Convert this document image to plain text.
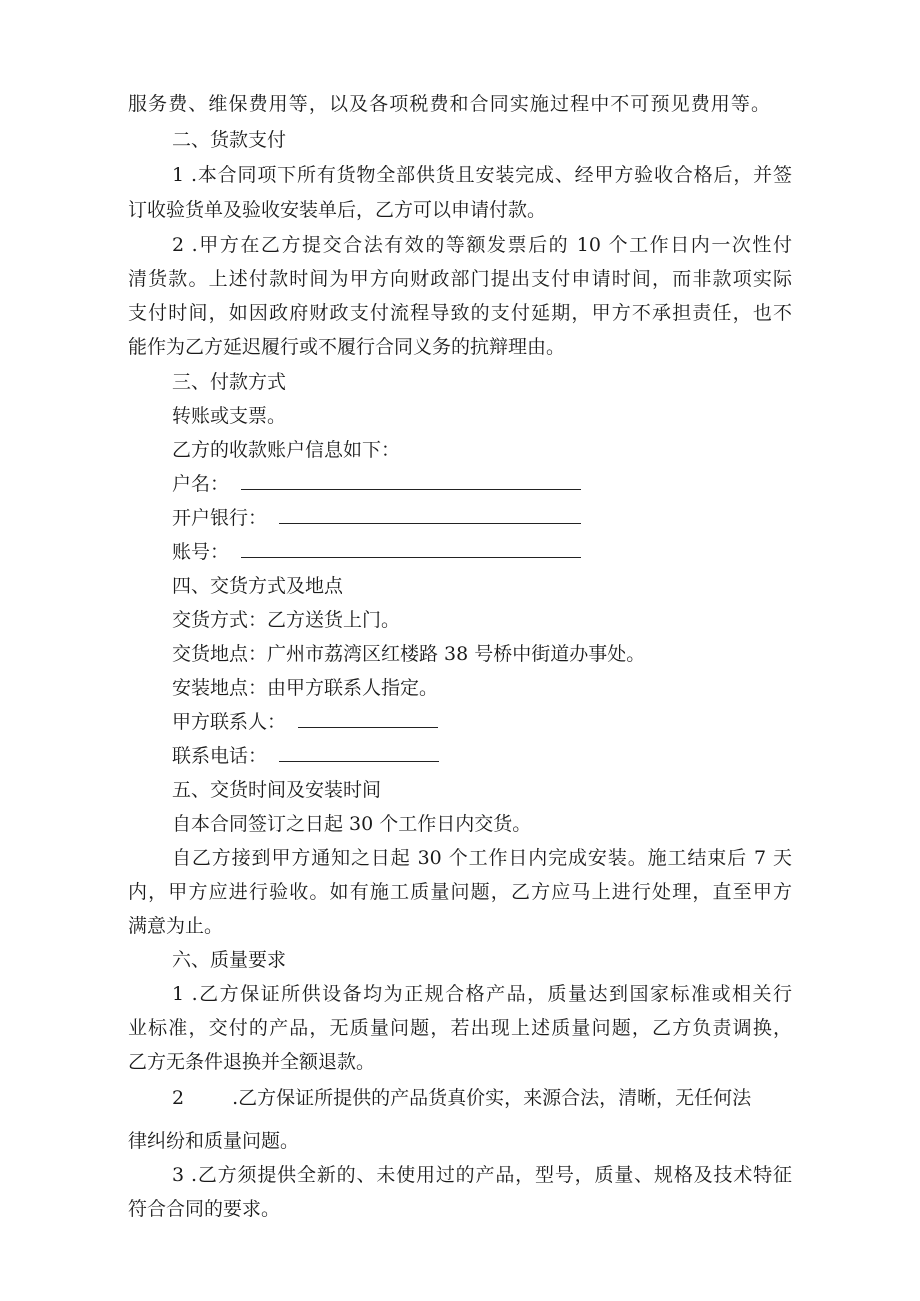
服务费、维保费用等，以及各项税费和合同实施过程中不可预见费用等。
二、货款支付
1 .本合同项下所有货物全部供货且安装完成、经甲方验收合格后，并签
订收验货单及验收安装单后，乙方可以申请付款。
2 .甲方在乙方提交合法有效的等额发票后的 10 个工作日内一次性付
清货款。上述付款时间为甲方向财政部门提出支付申请时间，而非款项实际
支付时间，如因政府财政支付流程导致的支付延期，甲方不承担责任，也不
能作为乙方延迟履行或不履行合同义务的抗辩理由。
三、付款方式
转账或支票。
乙方的收款账户信息如下：
户名：
开户银行：
账号：
四、交货方式及地点
交货方式：乙方送货上门。
交货地点：广州市荔湾区红楼路 38 号桥中街道办事处。
安装地点：由甲方联系人指定。
甲方联系人：
联系电话：
五、交货时间及安装时间
自本合同签订之日起 30 个工作日内交货。
自乙方接到甲方通知之日起 30 个工作日内完成安装。施工结束后 7 天
内，甲方应进行验收。如有施工质量问题，乙方应马上进行处理，直至甲方
满意为止。
六、质量要求
1 .乙方保证所供设备均为正规合格产品，质量达到国家标准或相关行
业标准，交付的产品，无质量问题，若出现上述质量问题，乙方负责调换，
乙方无条件退换并全额退款。
2	.乙方保证所提供的产品货真价实，来源合法，清晰，无任何法
律纠纷和质量问题。
3 .乙方须提供全新的、未使用过的产品，型号，质量、规格及技术特征
符合合同的要求。
